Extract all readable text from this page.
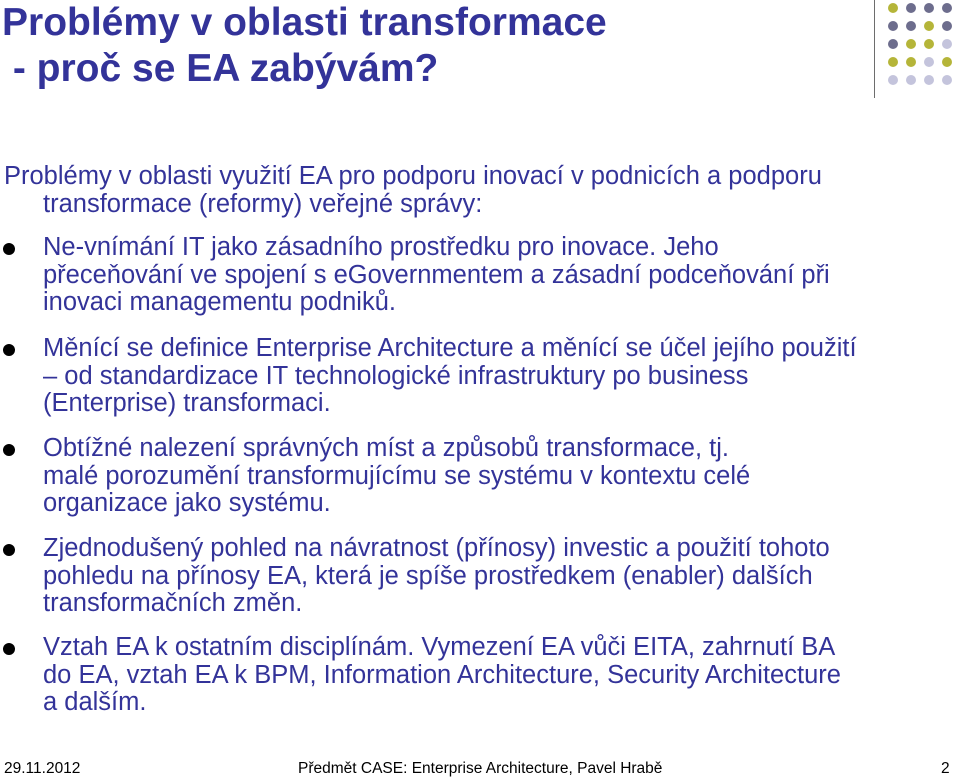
Problémy v oblasti transformace
- proč se EA zabývám?

Problémy v oblasti využití EA pro podporu inovací v podnicích a podporu
transformace (reformy) veřejné správy:

Ne-vnímání IT jako zásadního prostředku pro inovace. Jeho
přeceňování ve spojení s eGovernmentem a zásadní podceňování při
inovaci managementu podniků.
Měnící se definice Enterprise Architecture a měnící se účel jejího použití
– od standardizace IT technologické infrastruktury po business
(Enterprise) transformaci.
Obtížné nalezení správných míst a způsobů transformace, tj.
malé porozumění transformujícímu se systému v kontextu celé
organizace jako systému.
Zjednodušený pohled na návratnost (přínosy) investic a použití tohoto
pohledu na přínosy EA, která je spíše prostředkem (enabler) dalších
transformačních změn.
Vztah EA k ostatním disciplínám. Vymezení EA vůči EITA, zahrnutí BA
do EA, vztah EA k BPM, Information Architecture, Security Architecture
a dalším.
29.11.2012	Předmět CASE: Enterprise Architecture, Pavel Hrabě	2
